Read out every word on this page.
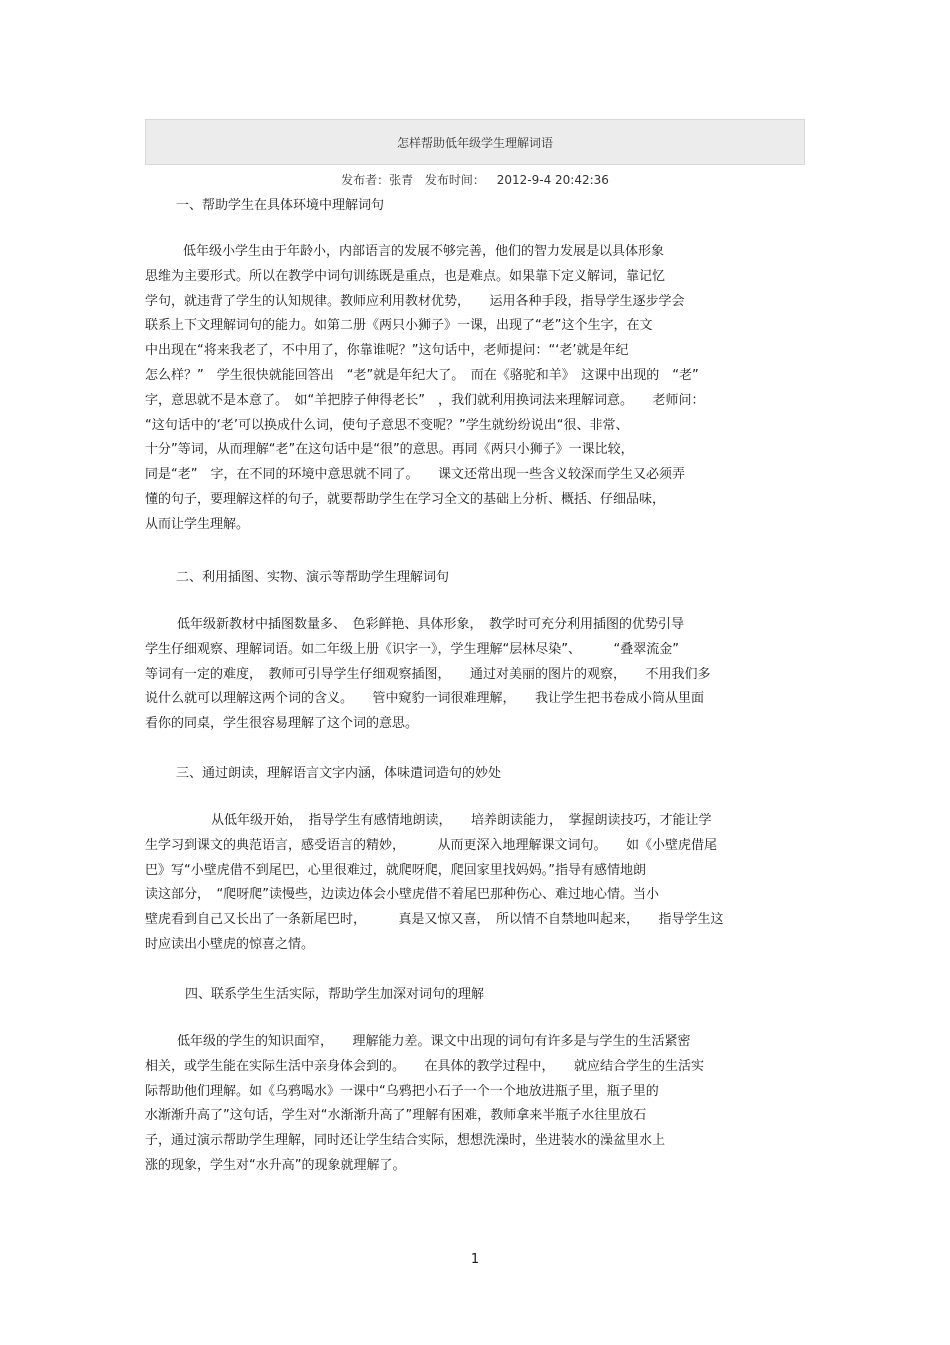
怎样帮助低年级学生理解词语
发布者：张青 发布时间： 2012-9-4 20:42:36
一、帮助学生在具体环境中理解词句
低年级小学生由于年龄小，内部语言的发展不够完善，他们的智力发展是以具体形象
思维为主要形式。所以在教学中词句训练既是重点，也是难点。如果靠下定义解词，靠记忆
学句，就违背了学生的认知规律。教师应利用教材优势，　　运用各种手段，指导学生逐步学会
联系上下文理解词句的能力。如第二册《两只小狮子》一课，出现了“老”这个生字，在文
中出现在“将来我老了，不中用了，你靠谁呢？”这句话中，老师提问：“‘老’就是年纪
怎么样？”　学生很快就能回答出　“老”就是年纪大了。　而在《骆驼和羊》　这课中出现的　“老”
字，意思就不是本意了。　如“羊把脖子伸得老长”　，我们就利用换词法来理解词意。　　老师问：
“这句话中的‘老’可以换成什么词，使句子意思不变呢？”学生就纷纷说出“很、非常、
十分”等词，从而理解“老”在这句话中是“很”的意思。再同《两只小狮子》一课比较，
同是“老”　字，在不同的环境中意思就不同了。　　课文还常出现一些含义较深而学生又必须弄
懂的句子，要理解这样的句子，就要帮助学生在学习全文的基础上分析、概括、仔细品味，
从而让学生理解。
二、利用插图、实物、演示等帮助学生理解词句
低年级新教材中插图数量多、　色彩鲜艳、具体形象，　教学时可充分利用插图的优势引导
学生仔细观察、理解词语。如二年级上册《识字一》，学生理解“层林尽染”、　　　“叠翠流金”
等词有一定的难度，　教师可引导学生仔细观察插图，　　通过对美丽的图片的观察，　　不用我们多
说什么就可以理解这两个词的含义。　　管中窥豹一词很难理解，　　我让学生把书卷成小筒从里面
看你的同桌，学生很容易理解了这个词的意思。
三、通过朗读，理解语言文字内涵，体味遣词造句的妙处
从低年级开始，　指导学生有感情地朗读，　　培养朗读能力，　掌握朗读技巧，才能让学
生学习到课文的典范语言，感受语言的精妙，　　　从而更深入地理解课文词句。　　如《小壁虎借尾
巴》写“小壁虎借不到尾巴，心里很难过，就爬呀爬，爬回家里找妈妈。”指导有感情地朗
读这部分，　“爬呀爬”读慢些，边读边体会小壁虎借不着尾巴那种伤心、难过地心情。当小
壁虎看到自己又长出了一条新尾巴时，　　　真是又惊又喜，　所以情不自禁地叫起来，　　指导学生这
时应读出小壁虎的惊喜之情。
四、联系学生生活实际，帮助学生加深对词句的理解
低年级的学生的知识面窄，　　理解能力差。课文中出现的词句有许多是与学生的生活紧密
相关，或学生能在实际生活中亲身体会到的。　　在具体的教学过程中，　　就应结合学生的生活实
际帮助他们理解。如《乌鸦喝水》一课中“乌鸦把小石子一个一个地放进瓶子里，瓶子里的
水渐渐升高了”这句话，学生对“水渐渐升高了”理解有困难，教师拿来半瓶子水往里放石
子，通过演示帮助学生理解，同时还让学生结合实际，想想洗澡时，坐进装水的澡盆里水上
涨的现象，学生对“水升高”的现象就理解了。
1
